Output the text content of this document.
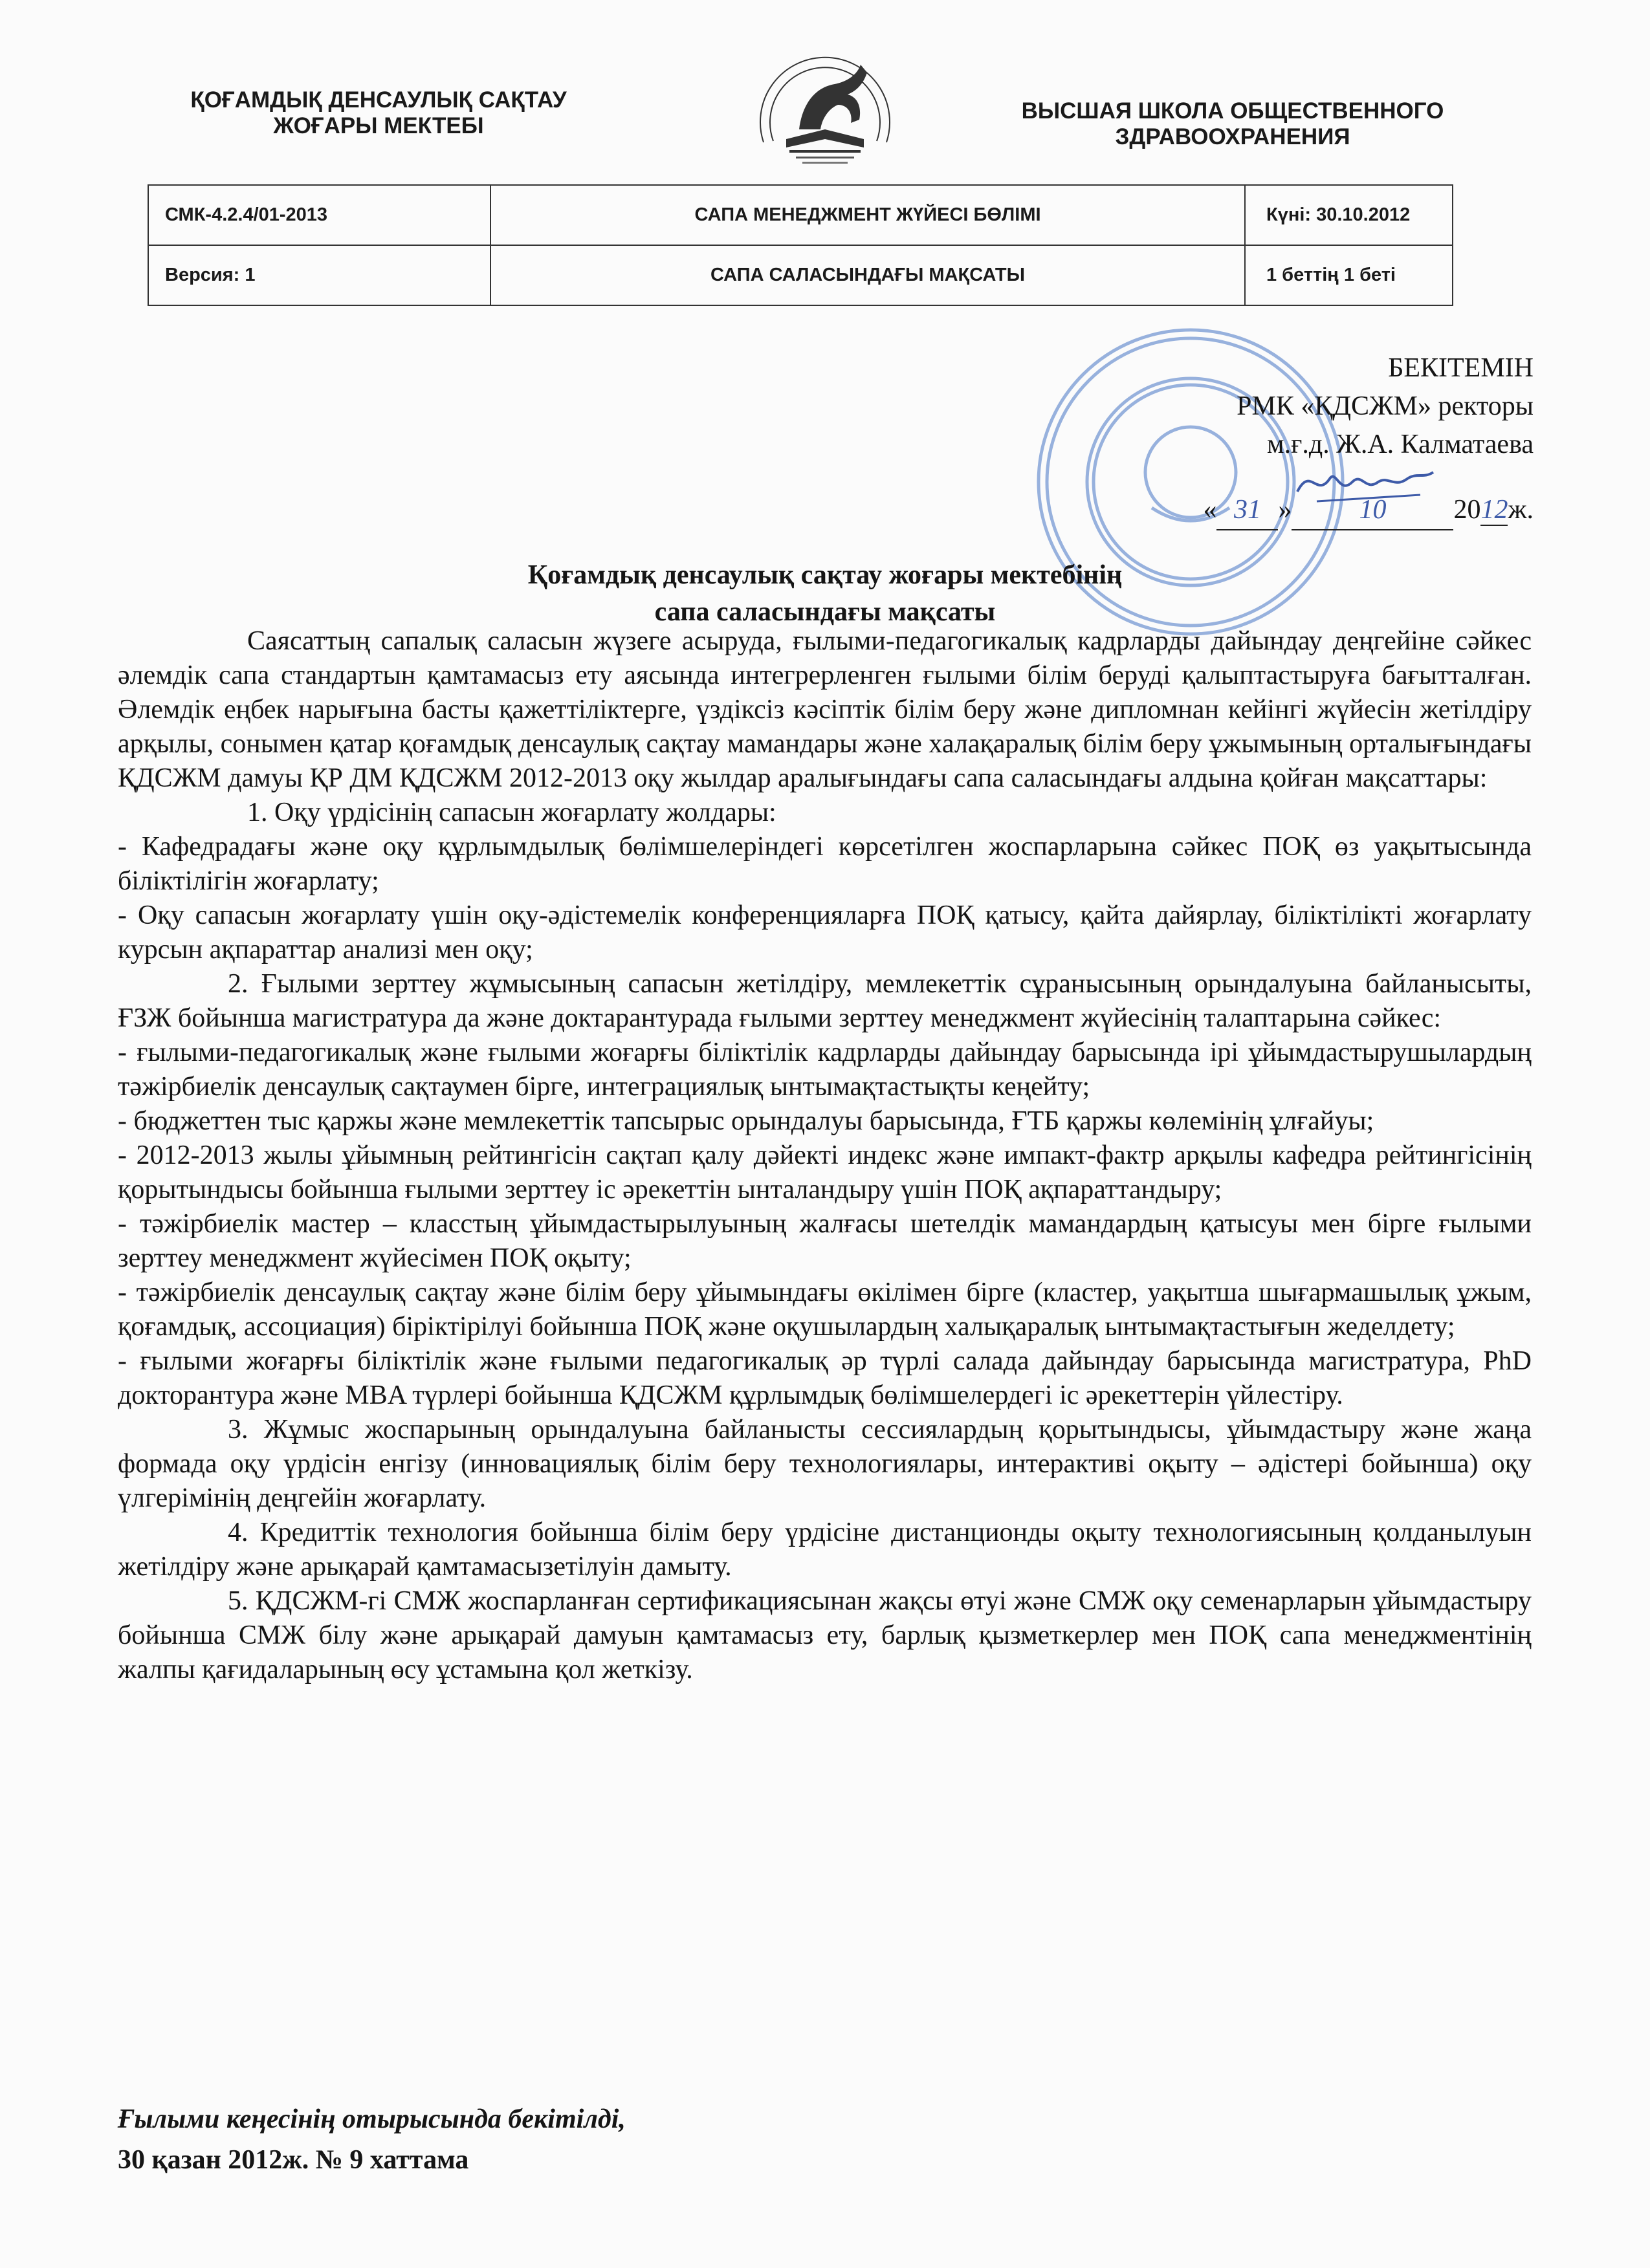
ҚОҒАМДЫҚ ДЕНСАУЛЫҚ САҚТАУ
ЖОҒАРЫ МЕКТЕБІ
ВЫСШАЯ ШКОЛА ОБЩЕСТВЕННОГО
ЗДРАВООХРАНЕНИЯ
СМК-4.2.4/01-2013	САПА МЕНЕДЖМЕНТ ЖҮЙЕСІ БӨЛІМІ	Күні: 30.10.2012
Версия: 1	САПА САЛАСЫНДАҒЫ МАҚСАТЫ	1 беттің 1 беті
БЕКІТЕМІН
РМК «ҚДСЖМ» ректоры
м.ғ.д. Ж.А. Калматаева
« 31 » 10 2012ж.
Қоғамдық денсаулық сақтау жоғары мектебінің
сапа саласындағы мақсаты

Саясаттың сапалық саласын жүзеге асыруда, ғылыми-педагогикалық кадрларды дайындау деңгейіне сәйкес әлемдік сапа стандартын қамтамасыз ету аясында интегрерленген ғылыми білім беруді қалыптастыруға бағытталған. Әлемдік еңбек нарығына басты қажеттіліктерге, үздіксіз кәсіптік білім беру және дипломнан кейінгі жүйесін жетілдіру арқылы, сонымен қатар қоғамдық денсаулық сақтау мамандары және халақаралық білім беру ұжымының орталығындағы ҚДСЖМ дамуы ҚР ДМ ҚДСЖМ 2012-2013 оқу жылдар аралығындағы сапа саласындағы алдына қойған мақсаттары:

1. Оқу үрдісінің сапасын жоғарлату жолдары:

- Кафедрадағы және оқу құрлымдылық бөлімшелеріндегі көрсетілген жоспарларына сәйкес ПОҚ өз уақытысында біліктілігін жоғарлату;

- Оқу сапасын жоғарлату үшін оқу-әдістемелік конференцияларға ПОҚ қатысу, қайта дайярлау, біліктілікті жоғарлату курсын ақпараттар анализі мен оқу;

2. Ғылыми зерттеу жұмысының сапасын жетілдіру, мемлекеттік сұранысының орындалуына байланысыты, ҒЗЖ бойынша магистратура да және доктарантурада ғылыми зерттеу менеджмент жүйесінің талаптарына сәйкес:

- ғылыми-педагогикалық және ғылыми жоғарғы біліктілік кадрларды дайындау барысында ірі ұйымдастырушылардың тәжірбиелік денсаулық сақтаумен бірге, интеграциялық ынтымақтастықты кеңейту;

- бюджеттен тыс қаржы және мемлекеттік тапсырыс орындалуы барысында, ҒТБ қаржы көлемінің ұлғайуы;

- 2012-2013 жылы ұйымның рейтингісін сақтап қалу дәйекті индекс және импакт-фактр арқылы кафедра рейтингісінің қорытындысы бойынша ғылыми зерттеу іс әрекеттін ынталандыру үшін ПОҚ ақпараттандыру;

- тәжірбиелік мастер – класстың ұйымдастырылуының жалғасы шетелдік мамандардың қатысуы мен бірге ғылыми зерттеу менеджмент жүйесімен ПОҚ оқыту;

- тәжірбиелік денсаулық сақтау және білім беру ұйымындағы өкілімен бірге (кластер, уақытша шығармашылық ұжым, қоғамдық, ассоциация) біріктірілуі бойынша ПОҚ және оқушылардың халықаралық ынтымақтастығын жеделдету;

- ғылыми жоғарғы біліктілік және ғылыми педагогикалық әр түрлі салада дайындау барысында магистратура, PhD докторантура және MBA түрлері бойынша ҚДСЖМ құрлымдық бөлімшелердегі іс әрекеттерін үйлестіру.

3. Жұмыс жоспарының орындалуына байланысты сессиялардың қорытындысы, ұйымдастыру және жаңа формада оқу үрдісін енгізу (инновациялық білім беру технологиялары, интерактиві оқыту – әдістері бойынша) оқу үлгерімінің деңгейін жоғарлату.

4. Кредиттік технология бойынша білім беру үрдісіне дистанционды оқыту технологиясының қолданылуын жетілдіру және арықарай қамтамасызетілуін дамыту.

5. ҚДСЖМ-гі СМЖ жоспарланған сертификациясынан жақсы өтуі және СМЖ оқу семенарларын ұйымдастыру бойынша СМЖ білу және арықарай дамуын қамтамасыз ету, барлық қызметкерлер мен ПОҚ сапа менеджментінің жалпы қағидаларының өсу ұстамына қол жеткізу.

Ғылыми кеңесінің отырысында бекітілді,
30 қазан 2012ж. № 9 хаттама
